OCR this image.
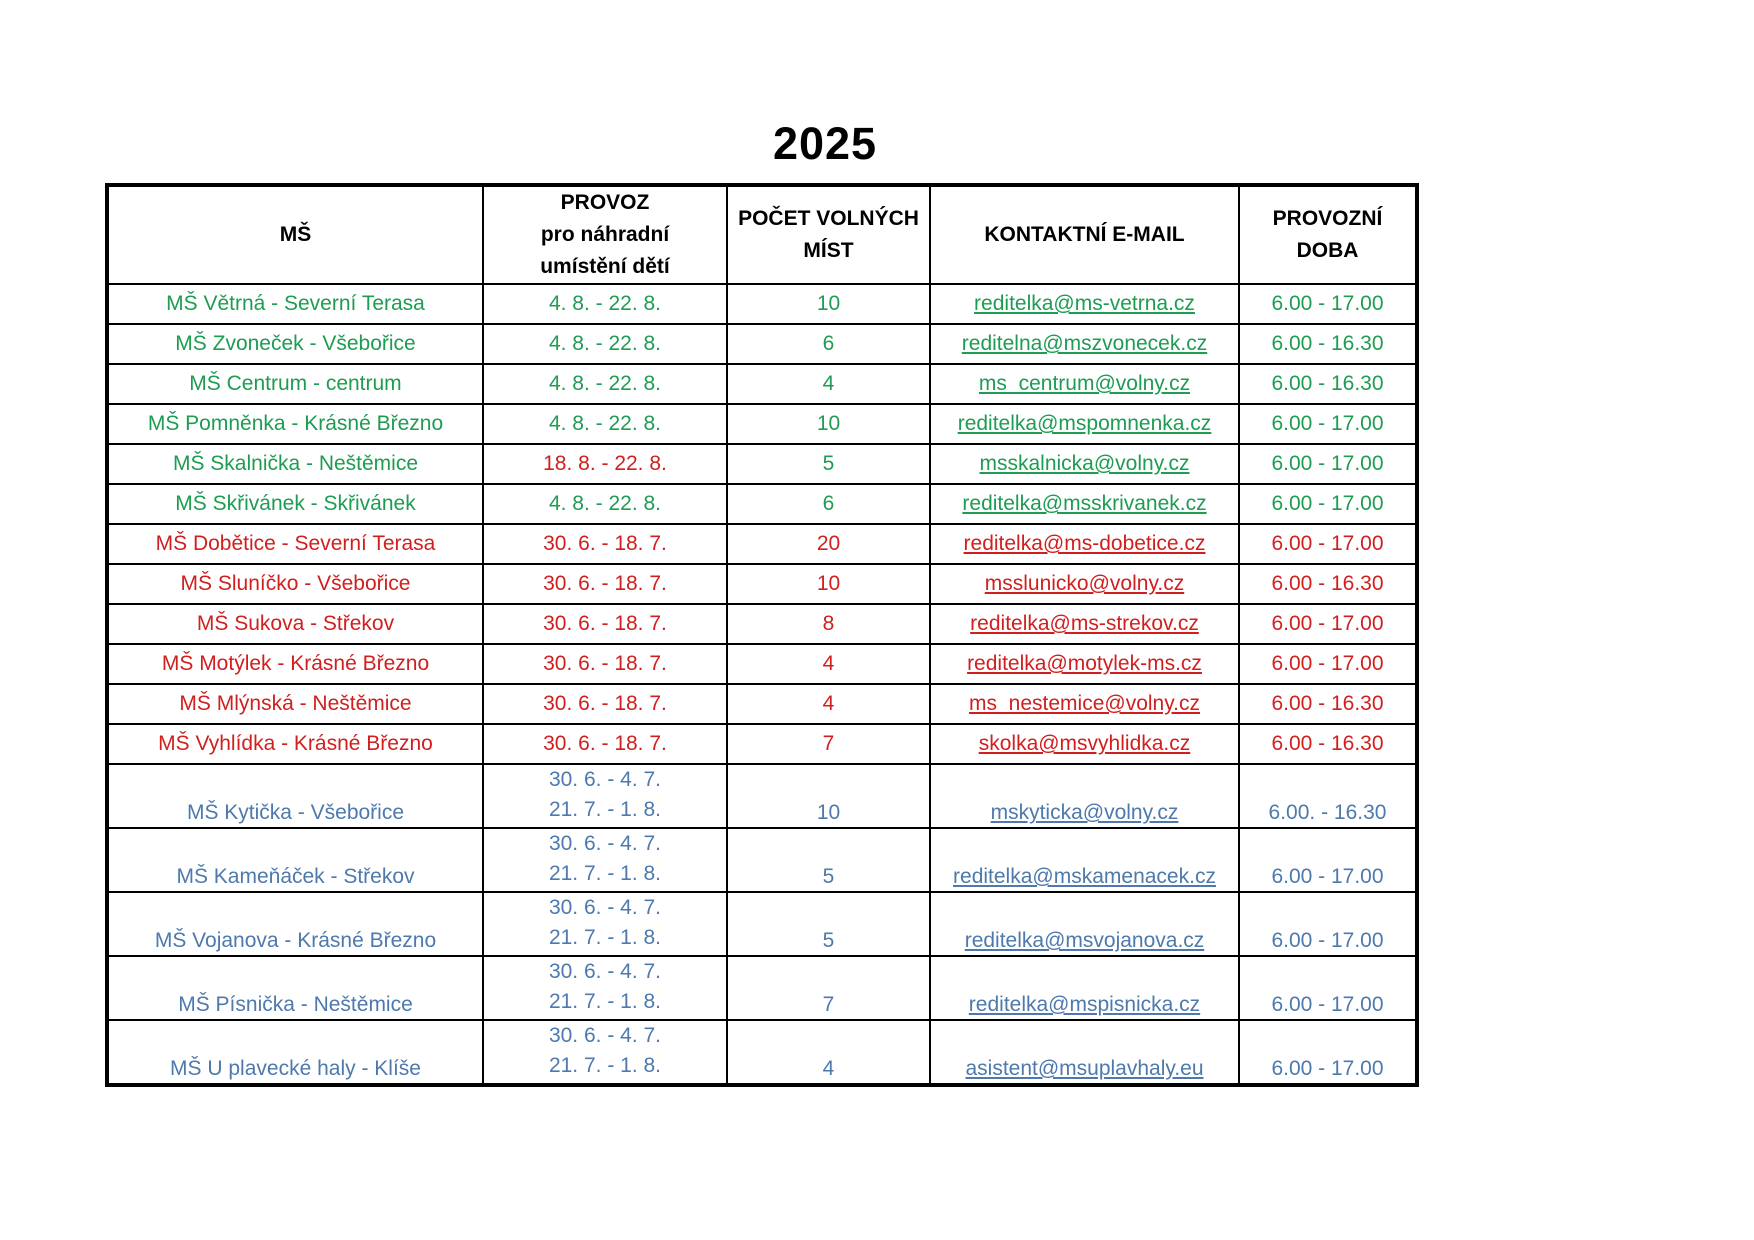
2025
MŠ	PROVOZ
pro náhradní
umístění dětí	POČET VOLNÝCH
MÍST	KONTAKTNÍ E-MAIL	PROVOZNÍ
DOBA

MŠ Větrná - Severní Terasa	4. 8. - 22. 8.	10	reditelka@ms-vetrna.cz	6.00 - 17.00
MŠ Zvoneček - Všebořice	4. 8. - 22. 8.	6	reditelna@mszvonecek.cz	6.00 - 16.30
MŠ Centrum - centrum	4. 8. - 22. 8.	4	ms_centrum@volny.cz	6.00 - 16.30
MŠ Pomněnka - Krásné Březno	4. 8. - 22. 8.	10	reditelka@mspomnenka.cz	6.00 - 17.00
MŠ Skalnička - Neštěmice	18. 8. - 22. 8.	5	msskalnicka@volny.cz	6.00 - 17.00
MŠ Skřivánek - Skřivánek	4. 8. - 22. 8.	6	reditelka@msskrivanek.cz	6.00 - 17.00
MŠ Dobětice - Severní Terasa	30. 6. - 18. 7.	20	reditelka@ms-dobetice.cz	6.00 - 17.00
MŠ Sluníčko - Všebořice	30. 6. - 18. 7.	10	msslunicko@volny.cz	6.00 - 16.30
MŠ Sukova - Střekov	30. 6. - 18. 7.	8	reditelka@ms-strekov.cz	6.00 - 17.00
MŠ Motýlek - Krásné Březno	30. 6. - 18. 7.	4	reditelka@motylek-ms.cz	6.00 - 17.00
MŠ Mlýnská - Neštěmice	30. 6. - 18. 7.	4	ms_nestemice@volny.cz	6.00 - 16.30
MŠ Vyhlídka - Krásné Březno	30. 6. - 18. 7.	7	skolka@msvyhlidka.cz	6.00 - 16.30
MŠ Kytička - Všebořice	30. 6. - 4. 7.
21. 7. - 1. 8.	10	mskyticka@volny.cz	6.00. - 16.30
MŠ Kameňáček - Střekov	30. 6. - 4. 7.
21. 7. - 1. 8.	5	reditelka@mskamenacek.cz	6.00 - 17.00
MŠ Vojanova - Krásné Březno	30. 6. - 4. 7.
21. 7. - 1. 8.	5	reditelka@msvojanova.cz	6.00 - 17.00
MŠ Písnička - Neštěmice	30. 6. - 4. 7.
21. 7. - 1. 8.	7	reditelka@mspisnicka.cz	6.00 - 17.00
MŠ U plavecké haly - Klíše	30. 6. - 4. 7.
21. 7. - 1. 8.	4	asistent@msuplavhaly.eu	6.00 - 17.00
